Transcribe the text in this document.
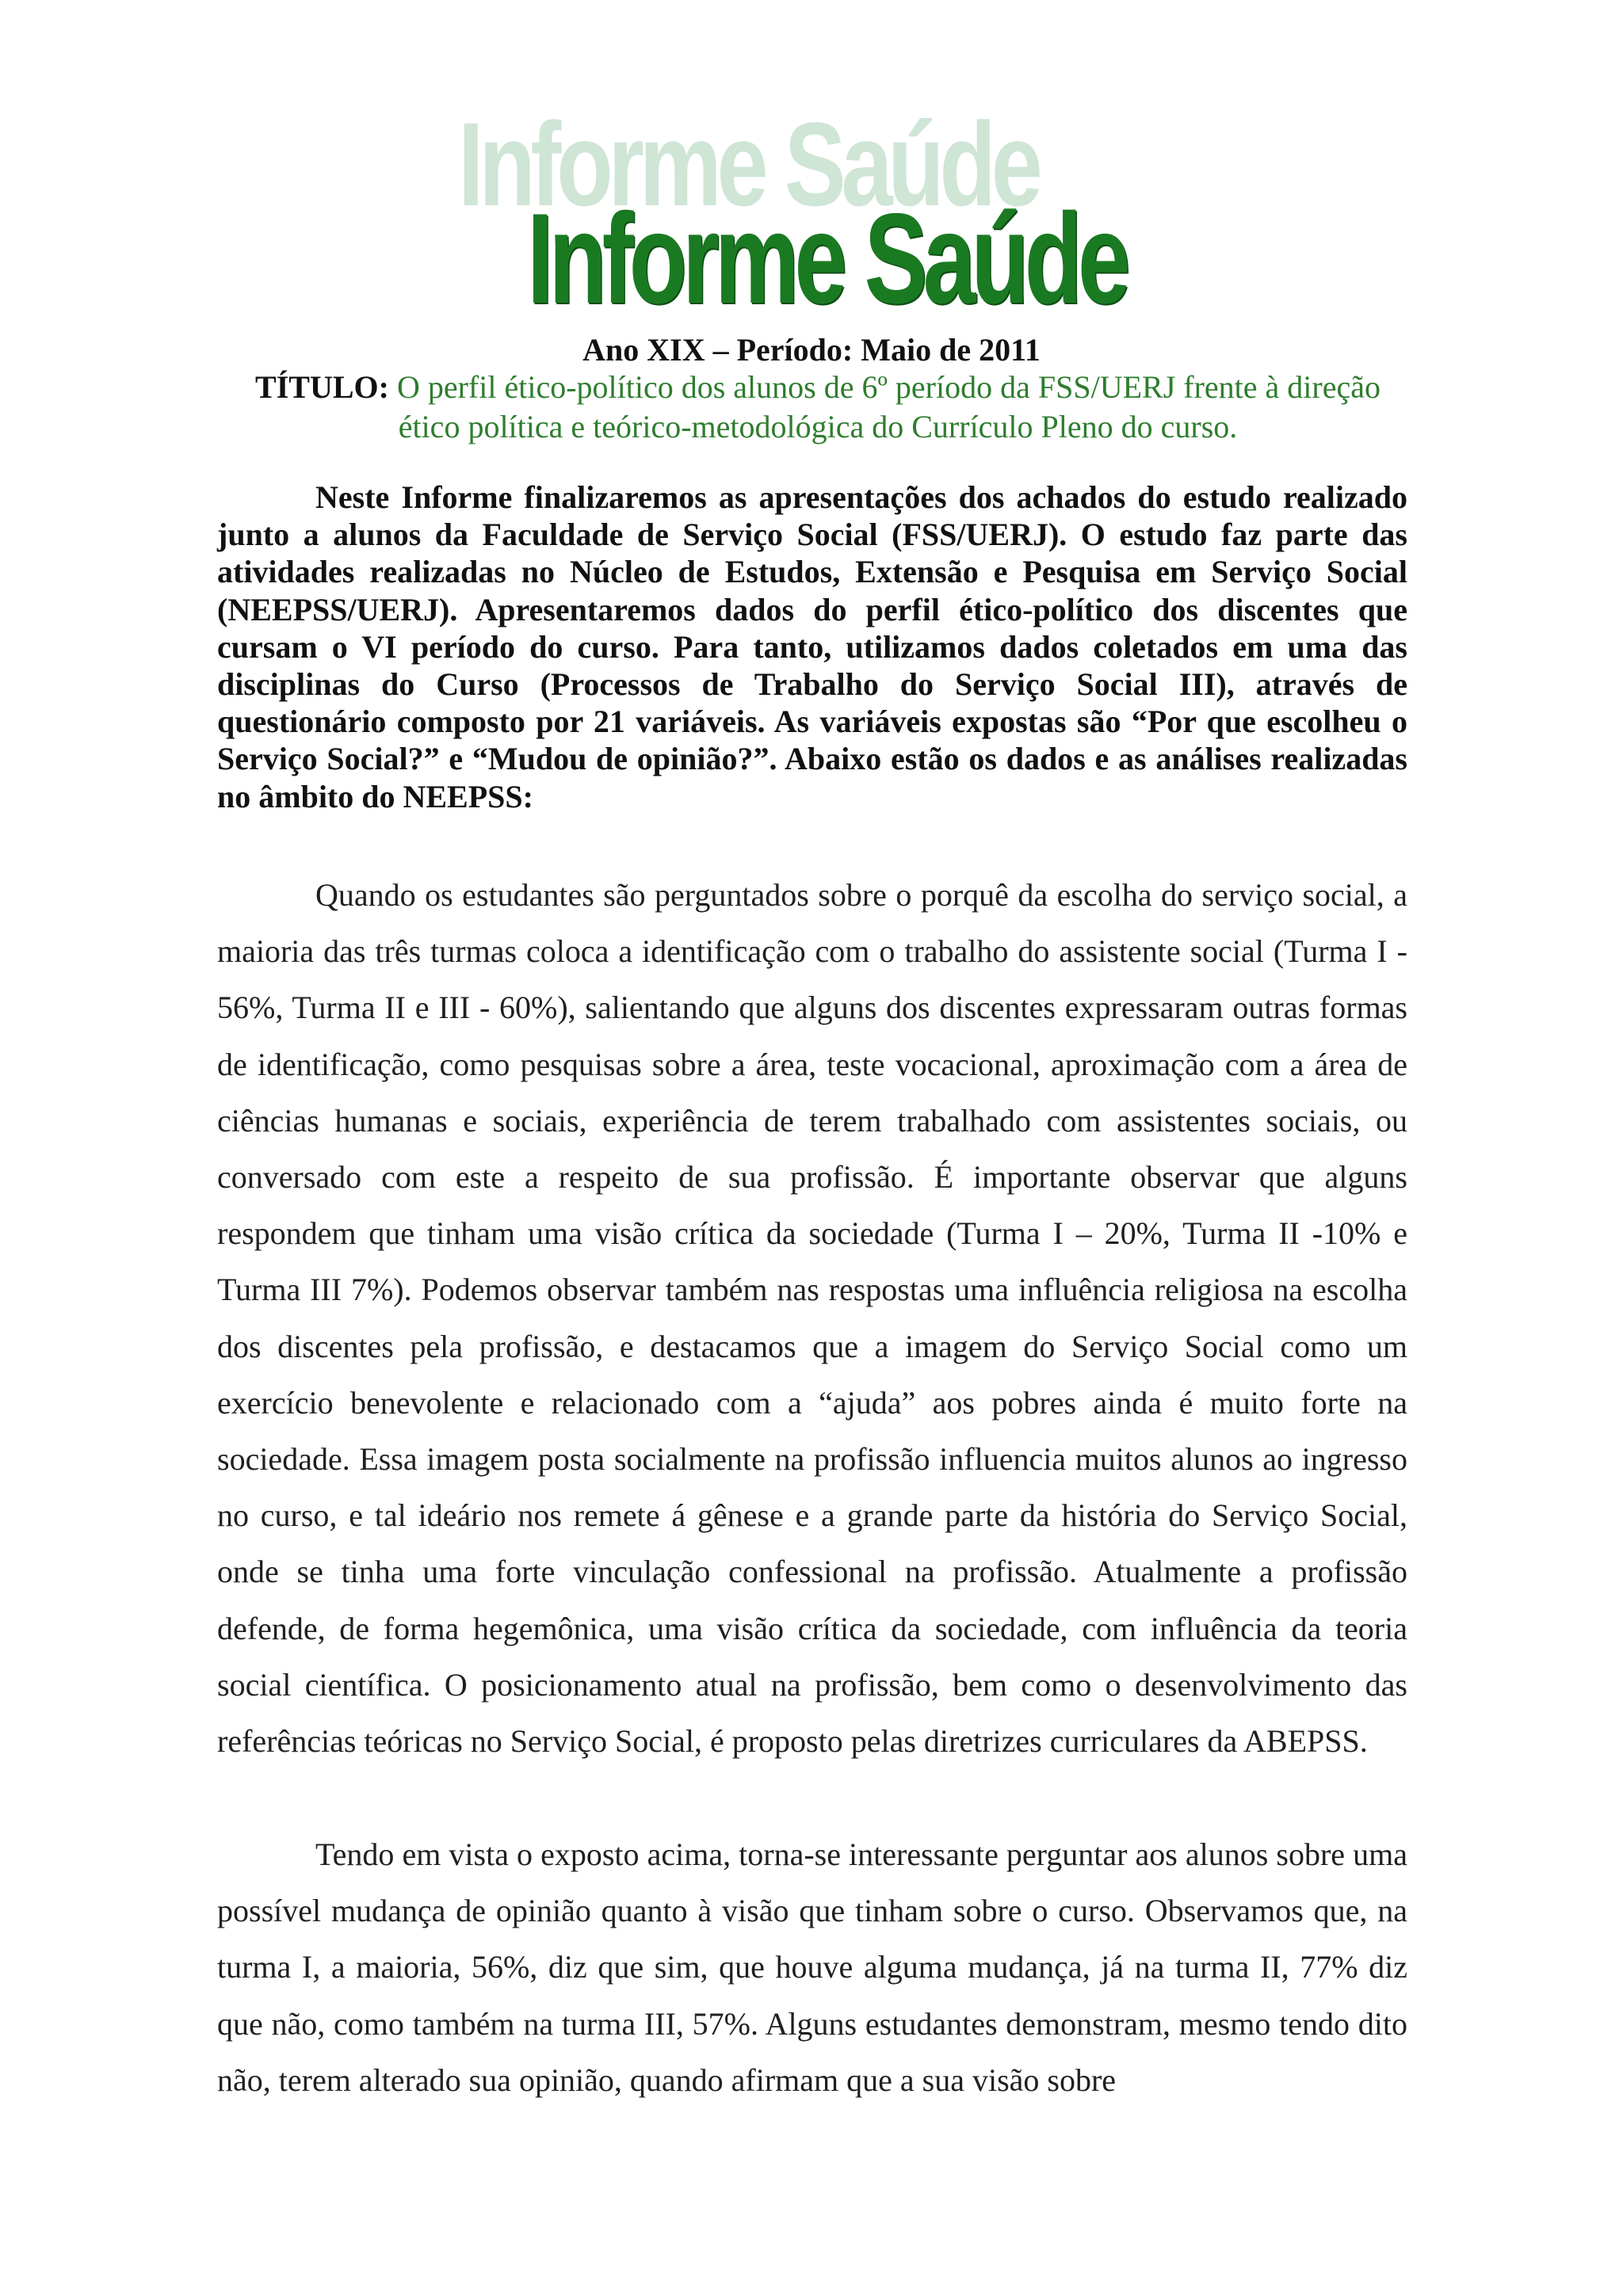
Informe Saúde
Informe Saúde
Ano XIX – Período: Maio de 2011
TÍTULO: O perfil ético-político dos alunos de 6º período da FSS/UERJ frente à direção ético política e teórico-metodológica do Currículo Pleno do curso.

Neste Informe finalizaremos as apresentações dos achados do estudo realizado junto a alunos da Faculdade de Serviço Social (FSS/UERJ). O estudo faz parte das atividades realizadas no Núcleo de Estudos, Extensão e Pesquisa em Serviço Social (NEEPSS/UERJ). Apresentaremos dados do perfil ético-político dos discentes que cursam o VI período do curso. Para tanto, utilizamos dados coletados em uma das disciplinas do Curso (Processos de Trabalho do Serviço Social III), através de questionário composto por 21 variáveis. As variáveis expostas são “Por que escolheu o Serviço Social?” e “Mudou de opinião?”. Abaixo estão os dados e as análises realizadas no âmbito do NEEPSS:

Quando os estudantes são perguntados sobre o porquê da escolha do serviço social, a maioria das três turmas coloca a identificação com o trabalho do assistente social (Turma I - 56%, Turma II e III - 60%), salientando que alguns dos discentes expressaram outras formas de identificação, como pesquisas sobre a área, teste vocacional, aproximação com a área de ciências humanas e sociais, experiência de terem trabalhado com assistentes sociais, ou conversado com este a respeito de sua profissão. É importante observar que alguns respondem que tinham uma visão crítica da sociedade (Turma I – 20%, Turma II -10% e Turma III 7%). Podemos observar também nas respostas uma influência religiosa na escolha dos discentes pela profissão, e destacamos que a imagem do Serviço Social como um exercício benevolente e relacionado com a “ajuda” aos pobres ainda é muito forte na sociedade. Essa imagem posta socialmente na profissão influencia muitos alunos ao ingresso no curso, e tal ideário nos remete á gênese e a grande parte da história do Serviço Social, onde se tinha uma forte vinculação confessional na profissão. Atualmente a profissão defende, de forma hegemônica, uma visão crítica da sociedade, com influência da teoria social científica. O posicionamento atual na profissão, bem como o desenvolvimento das referências teóricas no Serviço Social, é proposto pelas diretrizes curriculares da ABEPSS.

Tendo em vista o exposto acima, torna-se interessante perguntar aos alunos sobre uma possível mudança de opinião quanto à visão que tinham sobre o curso. Observamos que, na turma I, a maioria, 56%, diz que sim, que houve alguma mudança, já na turma II, 77% diz que não, como também na turma III, 57%. Alguns estudantes demonstram, mesmo tendo dito não, terem alterado sua opinião, quando afirmam que a sua visão sobre
